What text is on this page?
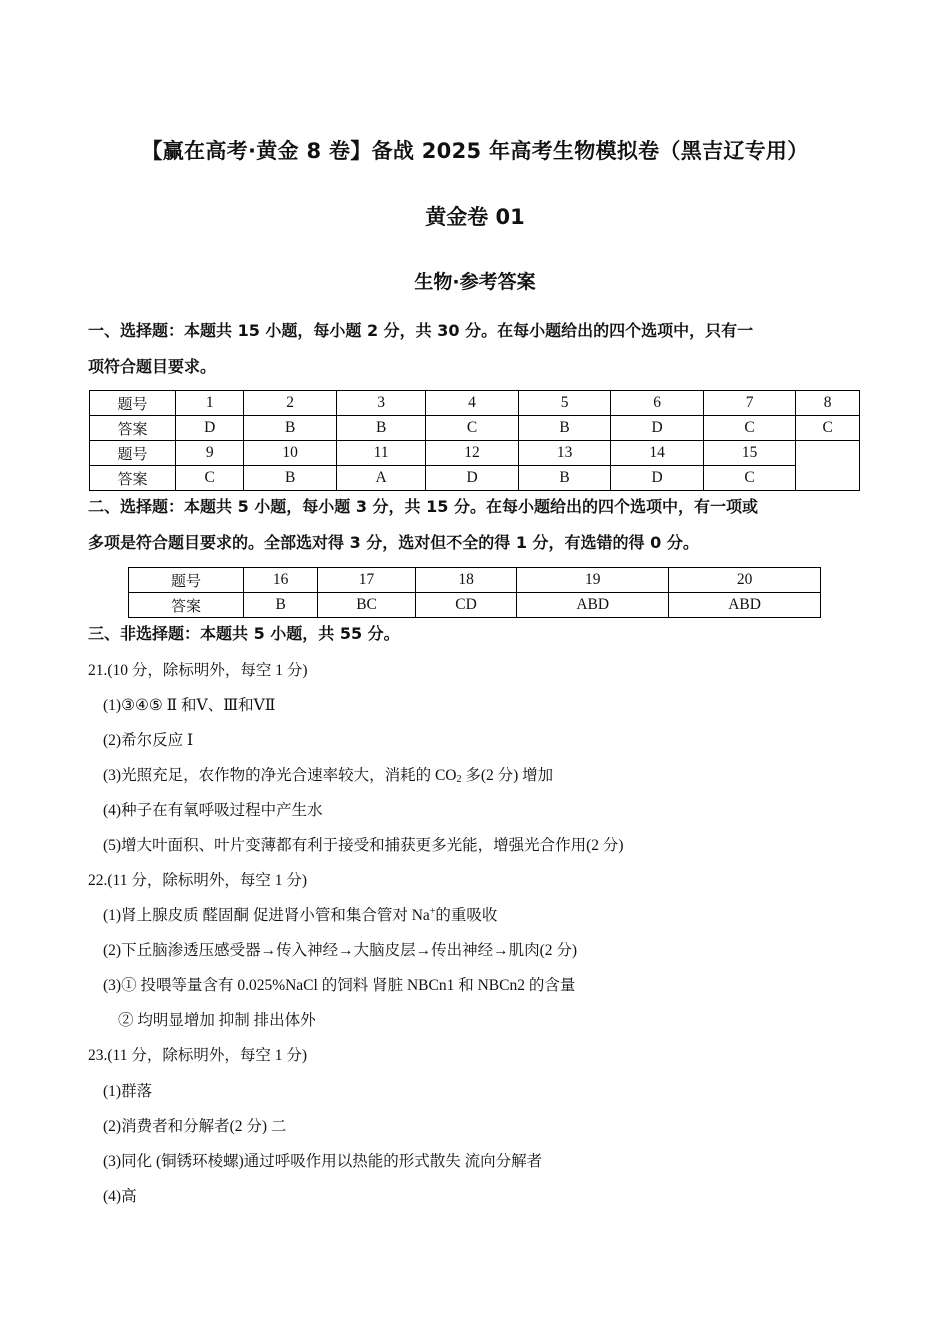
【赢在高考·黄金 8 卷】备战 2025 年高考生物模拟卷（黑吉辽专用）
黄金卷 01
生物·参考答案
一、选择题：本题共 15 小题，每小题 2 分，共 30 分。在每小题给出的四个选项中，只有一
项符合题目要求。
题号	1	2	3	4	5	6	7	8
答案	D	B	B	C	B	D	C	C
题号	9	10	11	12	13	14	15	
答案	C	B	A	D	B	D	C	
二、选择题：本题共 5 小题，每小题 3 分，共 15 分。在每小题给出的四个选项中，有一项或
多项是符合题目要求的。全部选对得 3 分，选对但不全的得 1 分，有选错的得 0 分。
题号	16	17	18	19	20
答案	B	BC	CD	ABD	ABD
三、非选择题：本题共 5 小题，共 55 分。
21.(10 分，除标明外，每空 1 分)
(1)③④⑤ Ⅱ 和Ⅴ、Ⅲ和ⅤⅡ
(2)希尔反应 Ⅰ
(3)光照充足，农作物的净光合速率较大，消耗的 $CO_2$ 多(2 分) 增加
(4)种子在有氧呼吸过程中产生水
(5)增大叶面积、叶片变薄都有利于接受和捕获更多光能，增强光合作用(2 分)
22.(11 分，除标明外，每空 1 分)
(1)肾上腺皮质 醛固酮 促进肾小管和集合管对 Na+的重吸收
(2)下丘脑渗透压感受器→传入神经→大脑皮层→传出神经→肌肉(2 分)
(3)① 投喂等量含有 0.025%NaCl 的饲料 肾脏 NBCn1 和 NBCn2 的含量
② 均明显增加 抑制 排出体外
23.(11 分，除标明外，每空 1 分)
(1)群落
(2)消费者和分解者(2 分) 二
(3)同化 (铜锈环棱螺)通过呼吸作用以热能的形式散失 流向分解者
(4)高
